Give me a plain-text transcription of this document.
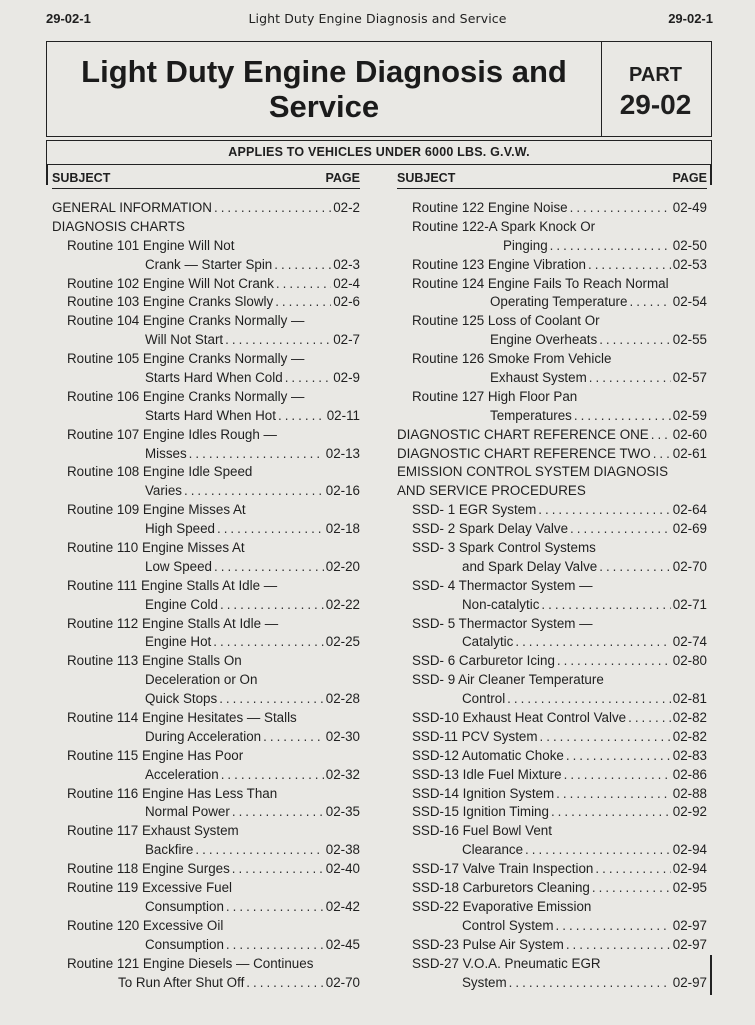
29-02-1	Light Duty Engine Diagnosis and Service	29-02-1
Light Duty Engine Diagnosis and
Service
PART
29-02
APPLIES TO VEHICLES UNDER 6000 LBS. G.V.W.
SUBJECT	PAGE
GENERAL INFORMATION .....	02-2
DIAGNOSIS CHARTS
Routine 101 Engine Will Not
Crank — Starter Spin .....	02-3
Routine 102 Engine Will Not Crank .....	02-4
Routine 103 Engine Cranks Slowly .....	02-6
Routine 104 Engine Cranks Normally —
Will Not Start .....	02-7
Routine 105 Engine Cranks Normally —
Starts Hard When Cold .....	02-9
Routine 106 Engine Cranks Normally —
Starts Hard When Hot .....	02-11
Routine 107 Engine Idles Rough —
Misses .....	02-13
Routine 108 Engine Idle Speed
Varies .....	02-16
Routine 109 Engine Misses At
High Speed .....	02-18
Routine 110 Engine Misses At
Low Speed .....	02-20
Routine 111 Engine Stalls At Idle —
Engine Cold .....	02-22
Routine 112 Engine Stalls At Idle —
Engine Hot .....	02-25
Routine 113 Engine Stalls On
Deceleration or On
Quick Stops .....	02-28
Routine 114 Engine Hesitates — Stalls
During Acceleration .....	02-30
Routine 115 Engine Has Poor
Acceleration .....	02-32
Routine 116 Engine Has Less Than
Normal Power .....	02-35
Routine 117 Exhaust System
Backfire .....	02-38
Routine 118 Engine Surges .....	02-40
Routine 119 Excessive Fuel
Consumption .....	02-42
Routine 120 Excessive Oil
Consumption .....	02-45
Routine 121 Engine Diesels — Continues
To Run After Shut Off .....	02-70
SUBJECT	PAGE
Routine 122 Engine Noise .....	02-49
Routine 122-A Spark Knock Or
Pinging .....	02-50
Routine 123 Engine Vibration .....	02-53
Routine 124 Engine Fails To Reach Normal
Operating Temperature .....	02-54
Routine 125 Loss of Coolant Or
Engine Overheats .....	02-55
Routine 126 Smoke From Vehicle
Exhaust System .....	02-57
Routine 127 High Floor Pan
Temperatures .....	02-59
DIAGNOSTIC CHART REFERENCE ONE ..... 02-60
DIAGNOSTIC CHART REFERENCE TWO ..... 02-61
EMISSION CONTROL SYSTEM DIAGNOSIS
AND SERVICE PROCEDURES
SSD- 1 EGR System .....	02-64
SSD- 2 Spark Delay Valve .....	02-69
SSD- 3 Spark Control Systems
and Spark Delay Valve .....	02-70
SSD- 4 Thermactor System —
Non-catalytic .....	02-71
SSD- 5 Thermactor System —
Catalytic .....	02-74
SSD- 6 Carburetor Icing .....	02-80
SSD- 9 Air Cleaner Temperature
Control .....	02-81
SSD-10 Exhaust Heat Control Valve .....	02-82
SSD-11 PCV System .....	02-82
SSD-12 Automatic Choke .....	02-83
SSD-13 Idle Fuel Mixture .....	02-86
SSD-14 Ignition System .....	02-88
SSD-15 Ignition Timing .....	02-92
SSD-16 Fuel Bowl Vent
Clearance .....	02-94
SSD-17 Valve Train Inspection .....	02-94
SSD-18 Carburetors Cleaning .....	02-95
SSD-22 Evaporative Emission
Control System .....	02-97
SSD-23 Pulse Air System .....	02-97
SSD-27 V.O.A. Pneumatic EGR
System .....	02-97
